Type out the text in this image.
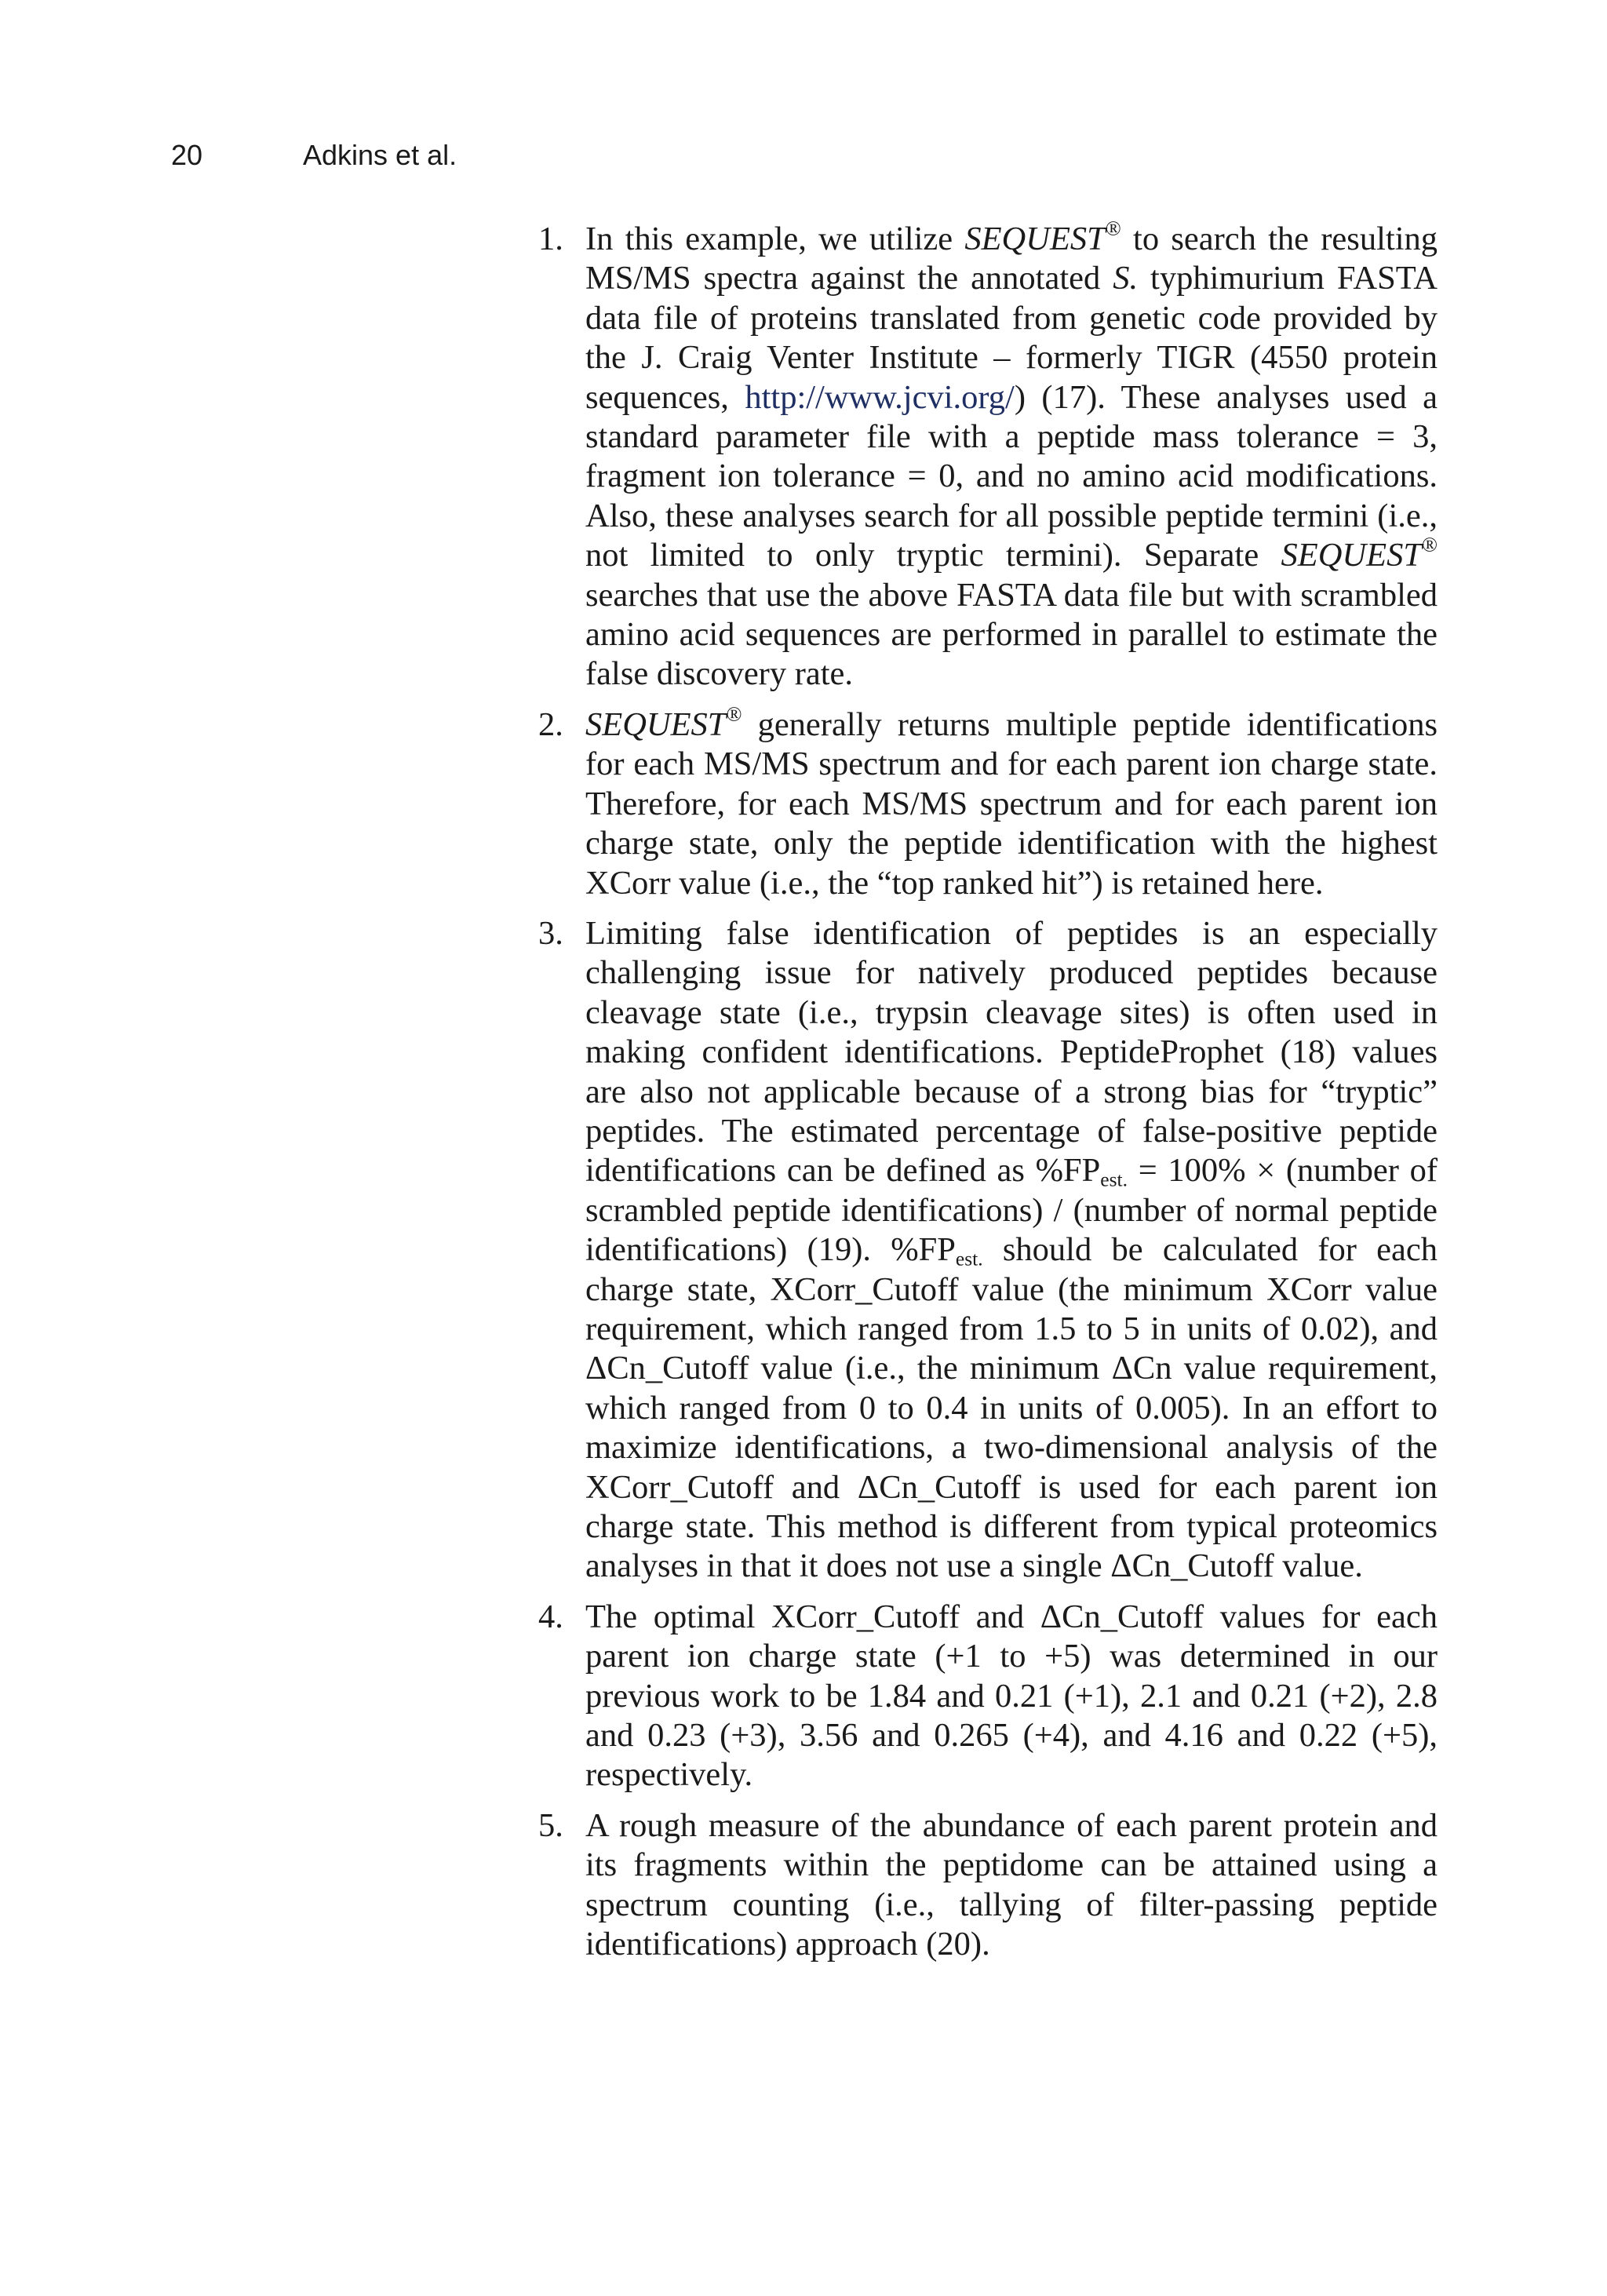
20	Adkins et al.
1. In this example, we utilize SEQUEST® to search the resulting MS/MS spectra against the annotated S. typhimurium FASTA data file of proteins translated from genetic code provided by the J. Craig Venter Institute – formerly TIGR (4550 protein sequences, http://www.jcvi.org/) (17). These analyses used a standard parameter file with a peptide mass tolerance = 3, fragment ion tolerance = 0, and no amino acid modifications. Also, these analyses search for all possible peptide termini (i.e., not limited to only tryptic termini). Separate SEQUEST® searches that use the above FASTA data file but with scrambled amino acid sequences are performed in parallel to estimate the false discovery rate.
2. SEQUEST® generally returns multiple peptide identifications for each MS/MS spectrum and for each parent ion charge state. Therefore, for each MS/MS spectrum and for each parent ion charge state, only the peptide identification with the highest XCorr value (i.e., the “top ranked hit”) is retained here.
3. Limiting false identification of peptides is an especially challenging issue for natively produced peptides because cleavage state (i.e., trypsin cleavage sites) is often used in making confident identifications. PeptideProphet (18) values are also not applicable because of a strong bias for “tryptic” peptides. The estimated percentage of false-positive peptide identifications can be defined as $\%FP_{est.} = 100\%$ × (number of scrambled peptide identifications) / (number of normal peptide identifications) (19). $\%FP_{est.}$ should be calculated for each charge state, XCorr_Cutoff value (the minimum XCorr value requirement, which ranged from 1.5 to 5 in units of 0.02), and ΔCn_Cutoff value (i.e., the minimum ΔCn value requirement, which ranged from 0 to 0.4 in units of 0.005). In an effort to maximize identifications, a two-dimensional analysis of the XCorr_Cutoff and ΔCn_Cutoff is used for each parent ion charge state. This method is different from typical proteomics analyses in that it does not use a single ΔCn_Cutoff value.
4. The optimal XCorr_Cutoff and ΔCn_Cutoff values for each parent ion charge state (+1 to +5) was determined in our previous work to be 1.84 and 0.21 (+1), 2.1 and 0.21 (+2), 2.8 and 0.23 (+3), 3.56 and 0.265 (+4), and 4.16 and 0.22 (+5), respectively.
5. A rough measure of the abundance of each parent protein and its fragments within the peptidome can be attained using a spectrum counting (i.e., tallying of filter-passing peptide identifications) approach (20).
